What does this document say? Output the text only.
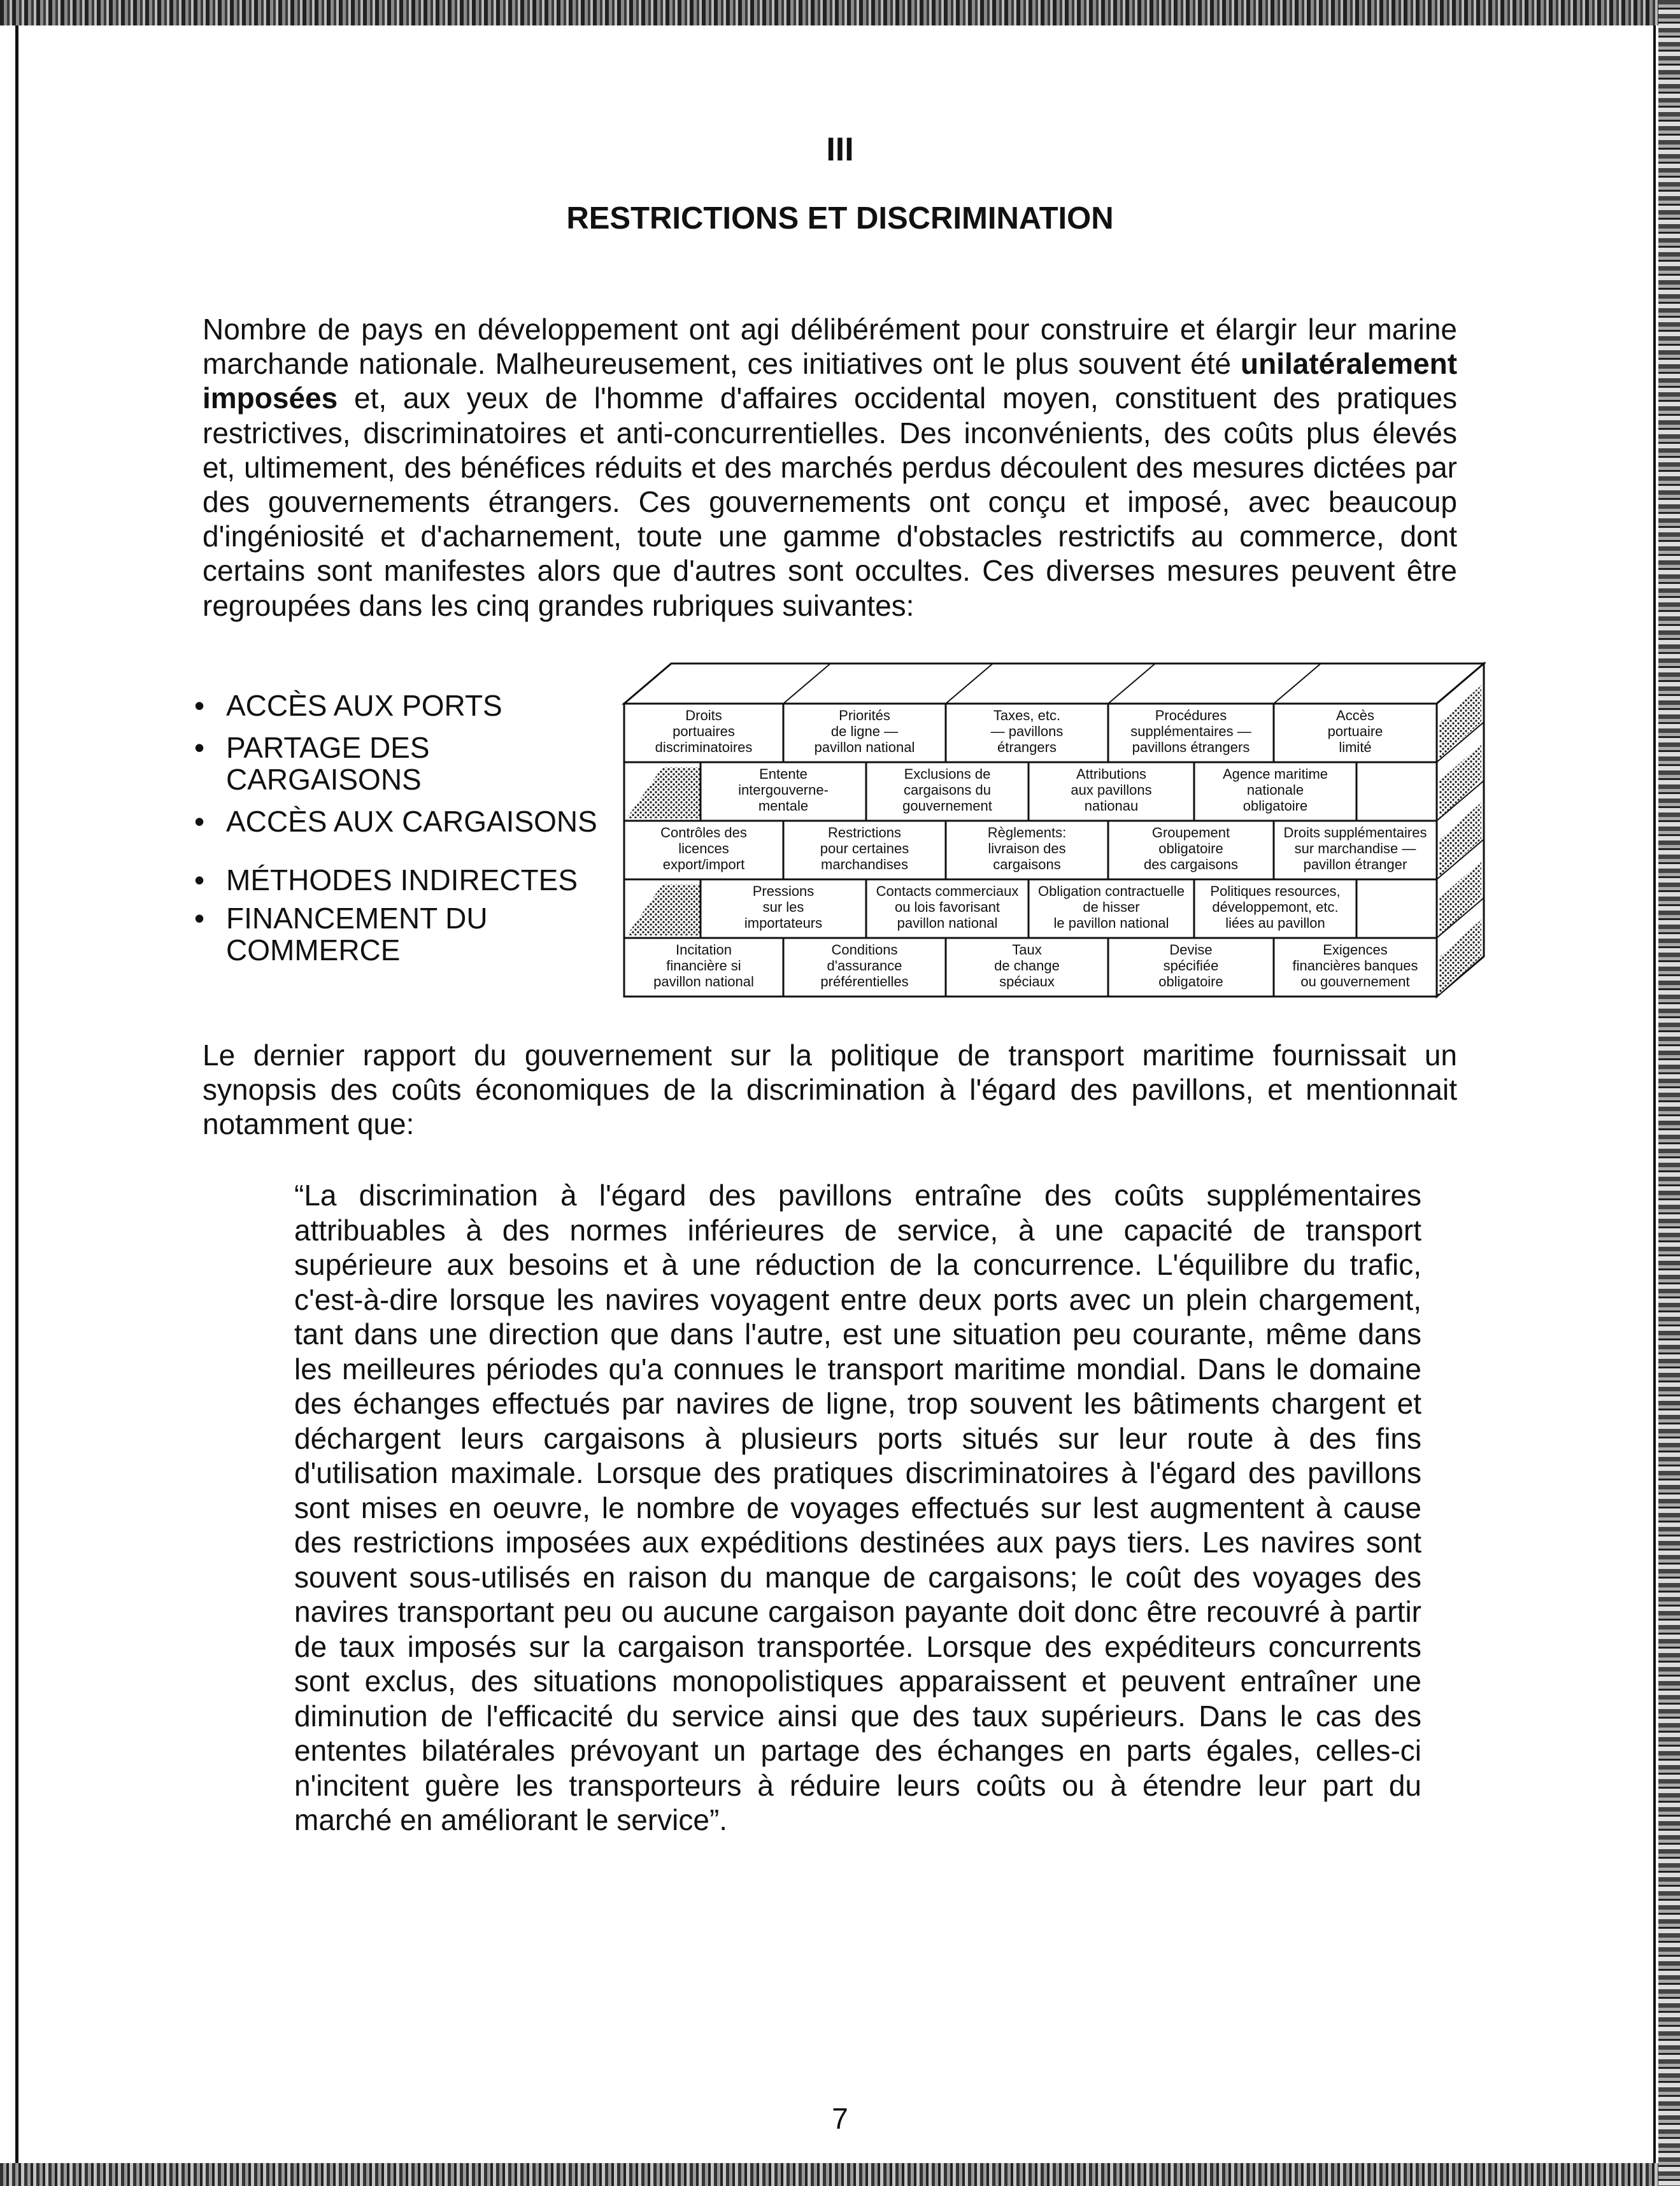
III
RESTRICTIONS ET DISCRIMINATION
Nombre de pays en développement ont agi délibérément pour construire et élargir leur marine marchande nationale. Malheureusement, ces initiatives ont le plus souvent été unilatéralement imposées et, aux yeux de l'homme d'affaires occidental moyen, constituent des pratiques restrictives, discriminatoires et anti-concurrentielles. Des inconvénients, des coûts plus élevés et, ultimement, des bénéfices réduits et des marchés perdus découlent des mesures dictées par des gouvernements étrangers. Ces gouvernements ont conçu et imposé, avec beaucoup d'ingéniosité et d'acharnement, toute une gamme d'obstacles restrictifs au commerce, dont certains sont manifestes alors que d'autres sont occultes. Ces diverses mesures peuvent être regroupées dans les cinq grandes rubriques suivantes:
• ACCÈS AUX PORTS
• PARTAGE DES CARGAISONS
• ACCÈS AUX CARGAISONS
• MÉTHODES INDIRECTES
• FINANCEMENT DU COMMERCE
Droits
portuaires
discriminatoires
Priorités
de ligne —
pavillon national
Taxes, etc.
— pavillons
étrangers
Procédures
supplémentaires —
pavillons étrangers
Accès
portuaire
limité
Entente
intergouverne-
mentale
Exclusions de
cargaisons du
gouvernement
Attributions
aux pavillons
nationau
Agence maritime
nationale
obligatoire
Contrôles des
licences
export/import
Restrictions
pour certaines
marchandises
Règlements:
livraison des
cargaisons
Groupement
obligatoire
des cargaisons
Droits supplémentaires
sur marchandise —
pavillon étranger
Pressions
sur les
importateurs
Contacts commerciaux
ou lois favorisant
pavillon national
Obligation contractuelle
de hisser
le pavillon national
Politiques resources,
développemont, etc.
liées au pavillon
Incitation
financière si
pavillon national
Conditions
d'assurance
préférentielles
Taux
de change
spéciaux
Devise
spécifiée
obligatoire
Exigences
financières banques
ou gouvernement
Le dernier rapport du gouvernement sur la politique de transport maritime fournissait un synopsis des coûts économiques de la discrimination à l'égard des pavillons, et mentionnait notamment que:
“La discrimination à l'égard des pavillons entraîne des coûts supplémentaires attribuables à des normes inférieures de service, à une capacité de transport supérieure aux besoins et à une réduction de la concurrence. L'équilibre du trafic, c'est-à-dire lorsque les navires voyagent entre deux ports avec un plein chargement, tant dans une direction que dans l'autre, est une situation peu courante, même dans les meilleures périodes qu'a connues le transport maritime mondial. Dans le domaine des échanges effectués par navires de ligne, trop souvent les bâtiments chargent et déchargent leurs cargaisons à plusieurs ports situés sur leur route à des fins d'utilisation maximale. Lorsque des pratiques discriminatoires à l'égard des pavillons sont mises en oeuvre, le nombre de voyages effectués sur lest augmentent à cause des restrictions imposées aux expéditions destinées aux pays tiers. Les navires sont souvent sous-utilisés en raison du manque de cargaisons; le coût des voyages des navires transportant peu ou aucune cargaison payante doit donc être recouvré à partir de taux imposés sur la cargaison transportée. Lorsque des expéditeurs concurrents sont exclus, des situations monopolistiques apparaissent et peuvent entraîner une diminution de l'efficacité du service ainsi que des taux supérieurs. Dans le cas des ententes bilatérales prévoyant un partage des échanges en parts égales, celles-ci n'incitent guère les transporteurs à réduire leurs coûts ou à étendre leur part du marché en améliorant le service”.
7
